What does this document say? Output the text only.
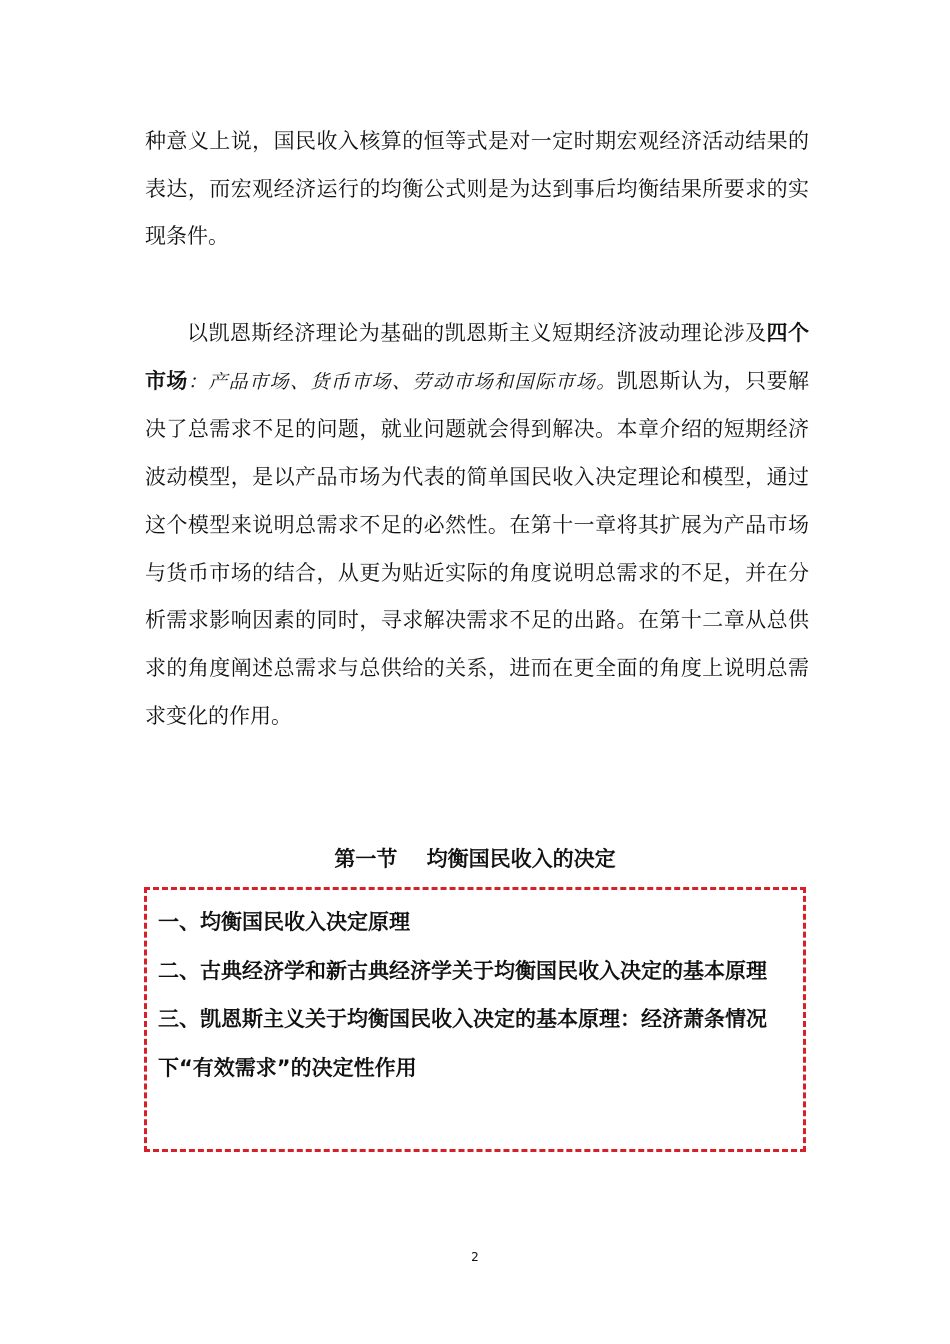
种意义上说，国民收入核算的恒等式是对一定时期宏观经济活动结果的表达，而宏观经济运行的均衡公式则是为达到事后均衡结果所要求的实现条件。

以凯恩斯经济理论为基础的凯恩斯主义短期经济波动理论涉及四个市场：产品市场、货币市场、劳动市场和国际市场。凯恩斯认为，只要解决了总需求不足的问题，就业问题就会得到解决。本章介绍的短期经济波动模型，是以产品市场为代表的简单国民收入决定理论和模型，通过这个模型来说明总需求不足的必然性。在第十一章将其扩展为产品市场与货币市场的结合，从更为贴近实际的角度说明总需求的不足，并在分析需求影响因素的同时，寻求解决需求不足的出路。在第十二章从总供求的角度阐述总需求与总供给的关系，进而在更全面的角度上说明总需求变化的作用。

第一节    均衡国民收入的决定
一、均衡国民收入决定原理
二、古典经济学和新古典经济学关于均衡国民收入决定的基本原理
三、凯恩斯主义关于均衡国民收入决定的基本原理：经济萧条情况下“有效需求”的决定性作用
2
